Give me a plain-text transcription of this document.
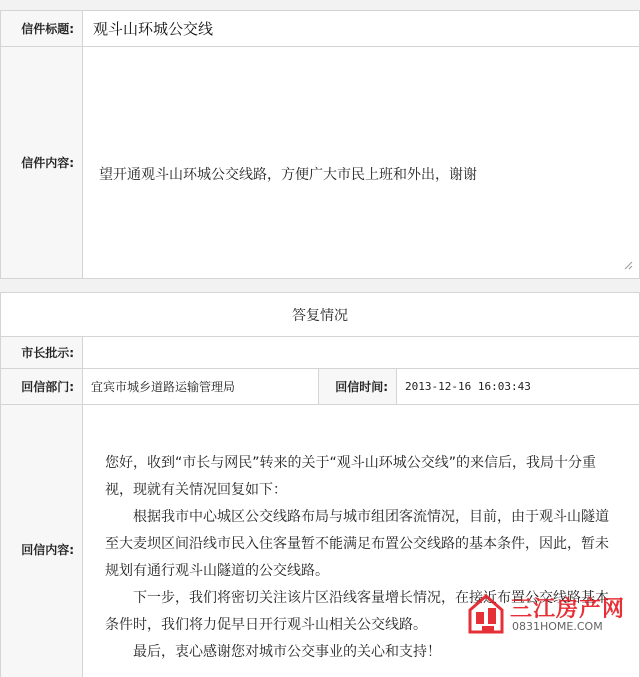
信件标题:	观斗山环城公交线
信件内容:	望开通观斗山环城公交线路，方便广大市民上班和外出，谢谢
答复情况			
市长批示:			
回信部门:	宜宾市城乡道路运输管理局	回信时间:	2013-12-16 16:03:43
回信内容:	您好，收到“市长与网民”转来的关于“观斗山环城公交线”的来信后，我局十分重视，现就有关情况回复如下：

根据我市中心城区公交线路布局与城市组团客流情况，目前，由于观斗山隧道至大麦坝区间沿线市民入住客量暂不能满足布置公交线路的基本条件，因此，暂未规划有通行观斗山隧道的公交线路。

下一步，我们将密切关注该片区沿线客量增长情况，在接近布置公交线路基本条件时，我们将力促早日开行观斗山相关公交线路。

最后，衷心感谢您对城市公交事业的关心和支持！		

三江房产网
0831HOME.COM
